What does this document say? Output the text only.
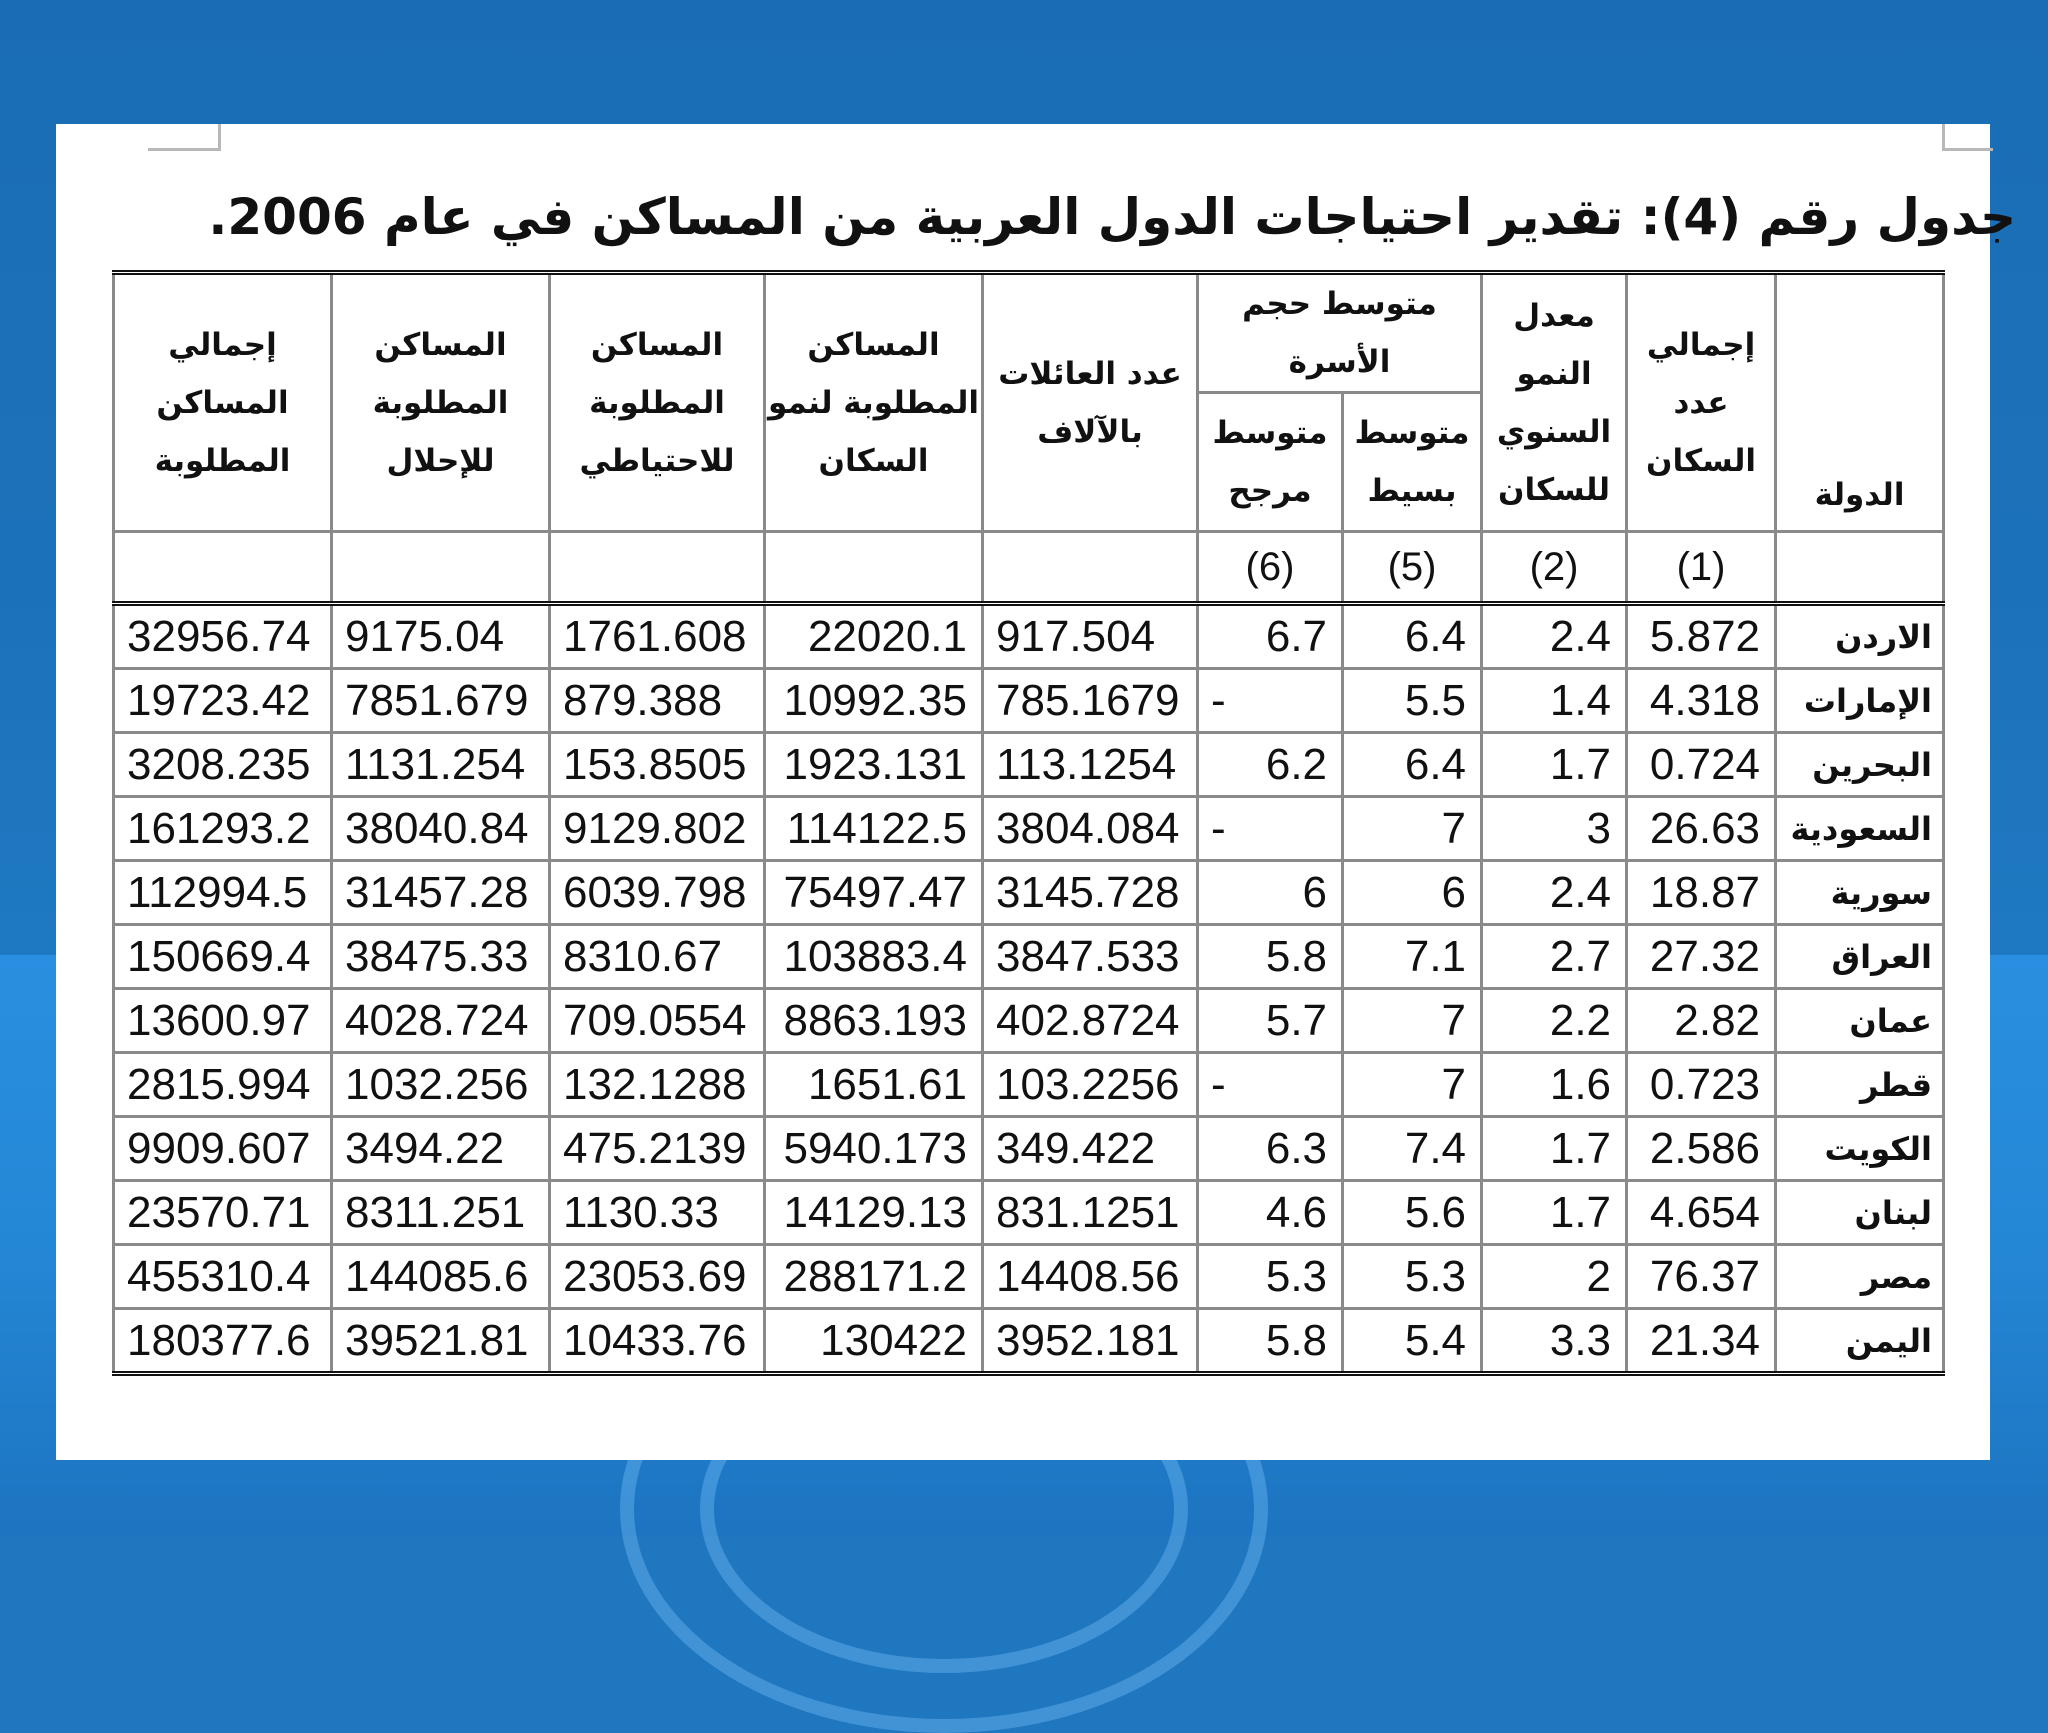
جدول رقم (4): تقدير احتياجات الدول العربية من المساكن في عام 2006.
الدولة	إجمالي عدد السكان	معدل النمو السنوي للسكان	متوسط حجم الأسرة		عدد العائلات بالآلاف	المساكن المطلوبة لنمو السكان	المساكن المطلوبة للاحتياطي	المساكن المطلوبة للإحلال	إجمالي المساكن المطلوبة
			متوسط بسيط	متوسط مرجح					
	(1)	(2)	(5)	(6)					
الاردن	5.872	2.4	6.4	6.7	917.504	22020.1	1761.608	9175.04	32956.74
الإمارات	4.318	1.4	5.5	-	785.1679	10992.35	879.388	7851.679	19723.42
البحرين	0.724	1.7	6.4	6.2	113.1254	1923.131	153.8505	1131.254	3208.235
السعودية	26.63	3	7	-	3804.084	114122.5	9129.802	38040.84	161293.2
سورية	18.87	2.4	6	6	3145.728	75497.47	6039.798	31457.28	112994.5
العراق	27.32	2.7	7.1	5.8	3847.533	103883.4	8310.67	38475.33	150669.4
عمان	2.82	2.2	7	5.7	402.8724	8863.193	709.0554	4028.724	13600.97
قطر	0.723	1.6	7	-	103.2256	1651.61	132.1288	1032.256	2815.994
الكويت	2.586	1.7	7.4	6.3	349.422	5940.173	475.2139	3494.22	9909.607
لبنان	4.654	1.7	5.6	4.6	831.1251	14129.13	1130.33	8311.251	23570.71
مصر	76.37	2	5.3	5.3	14408.56	288171.2	23053.69	144085.6	455310.4
اليمن	21.34	3.3	5.4	5.8	3952.181	130422	10433.76	39521.81	180377.6
